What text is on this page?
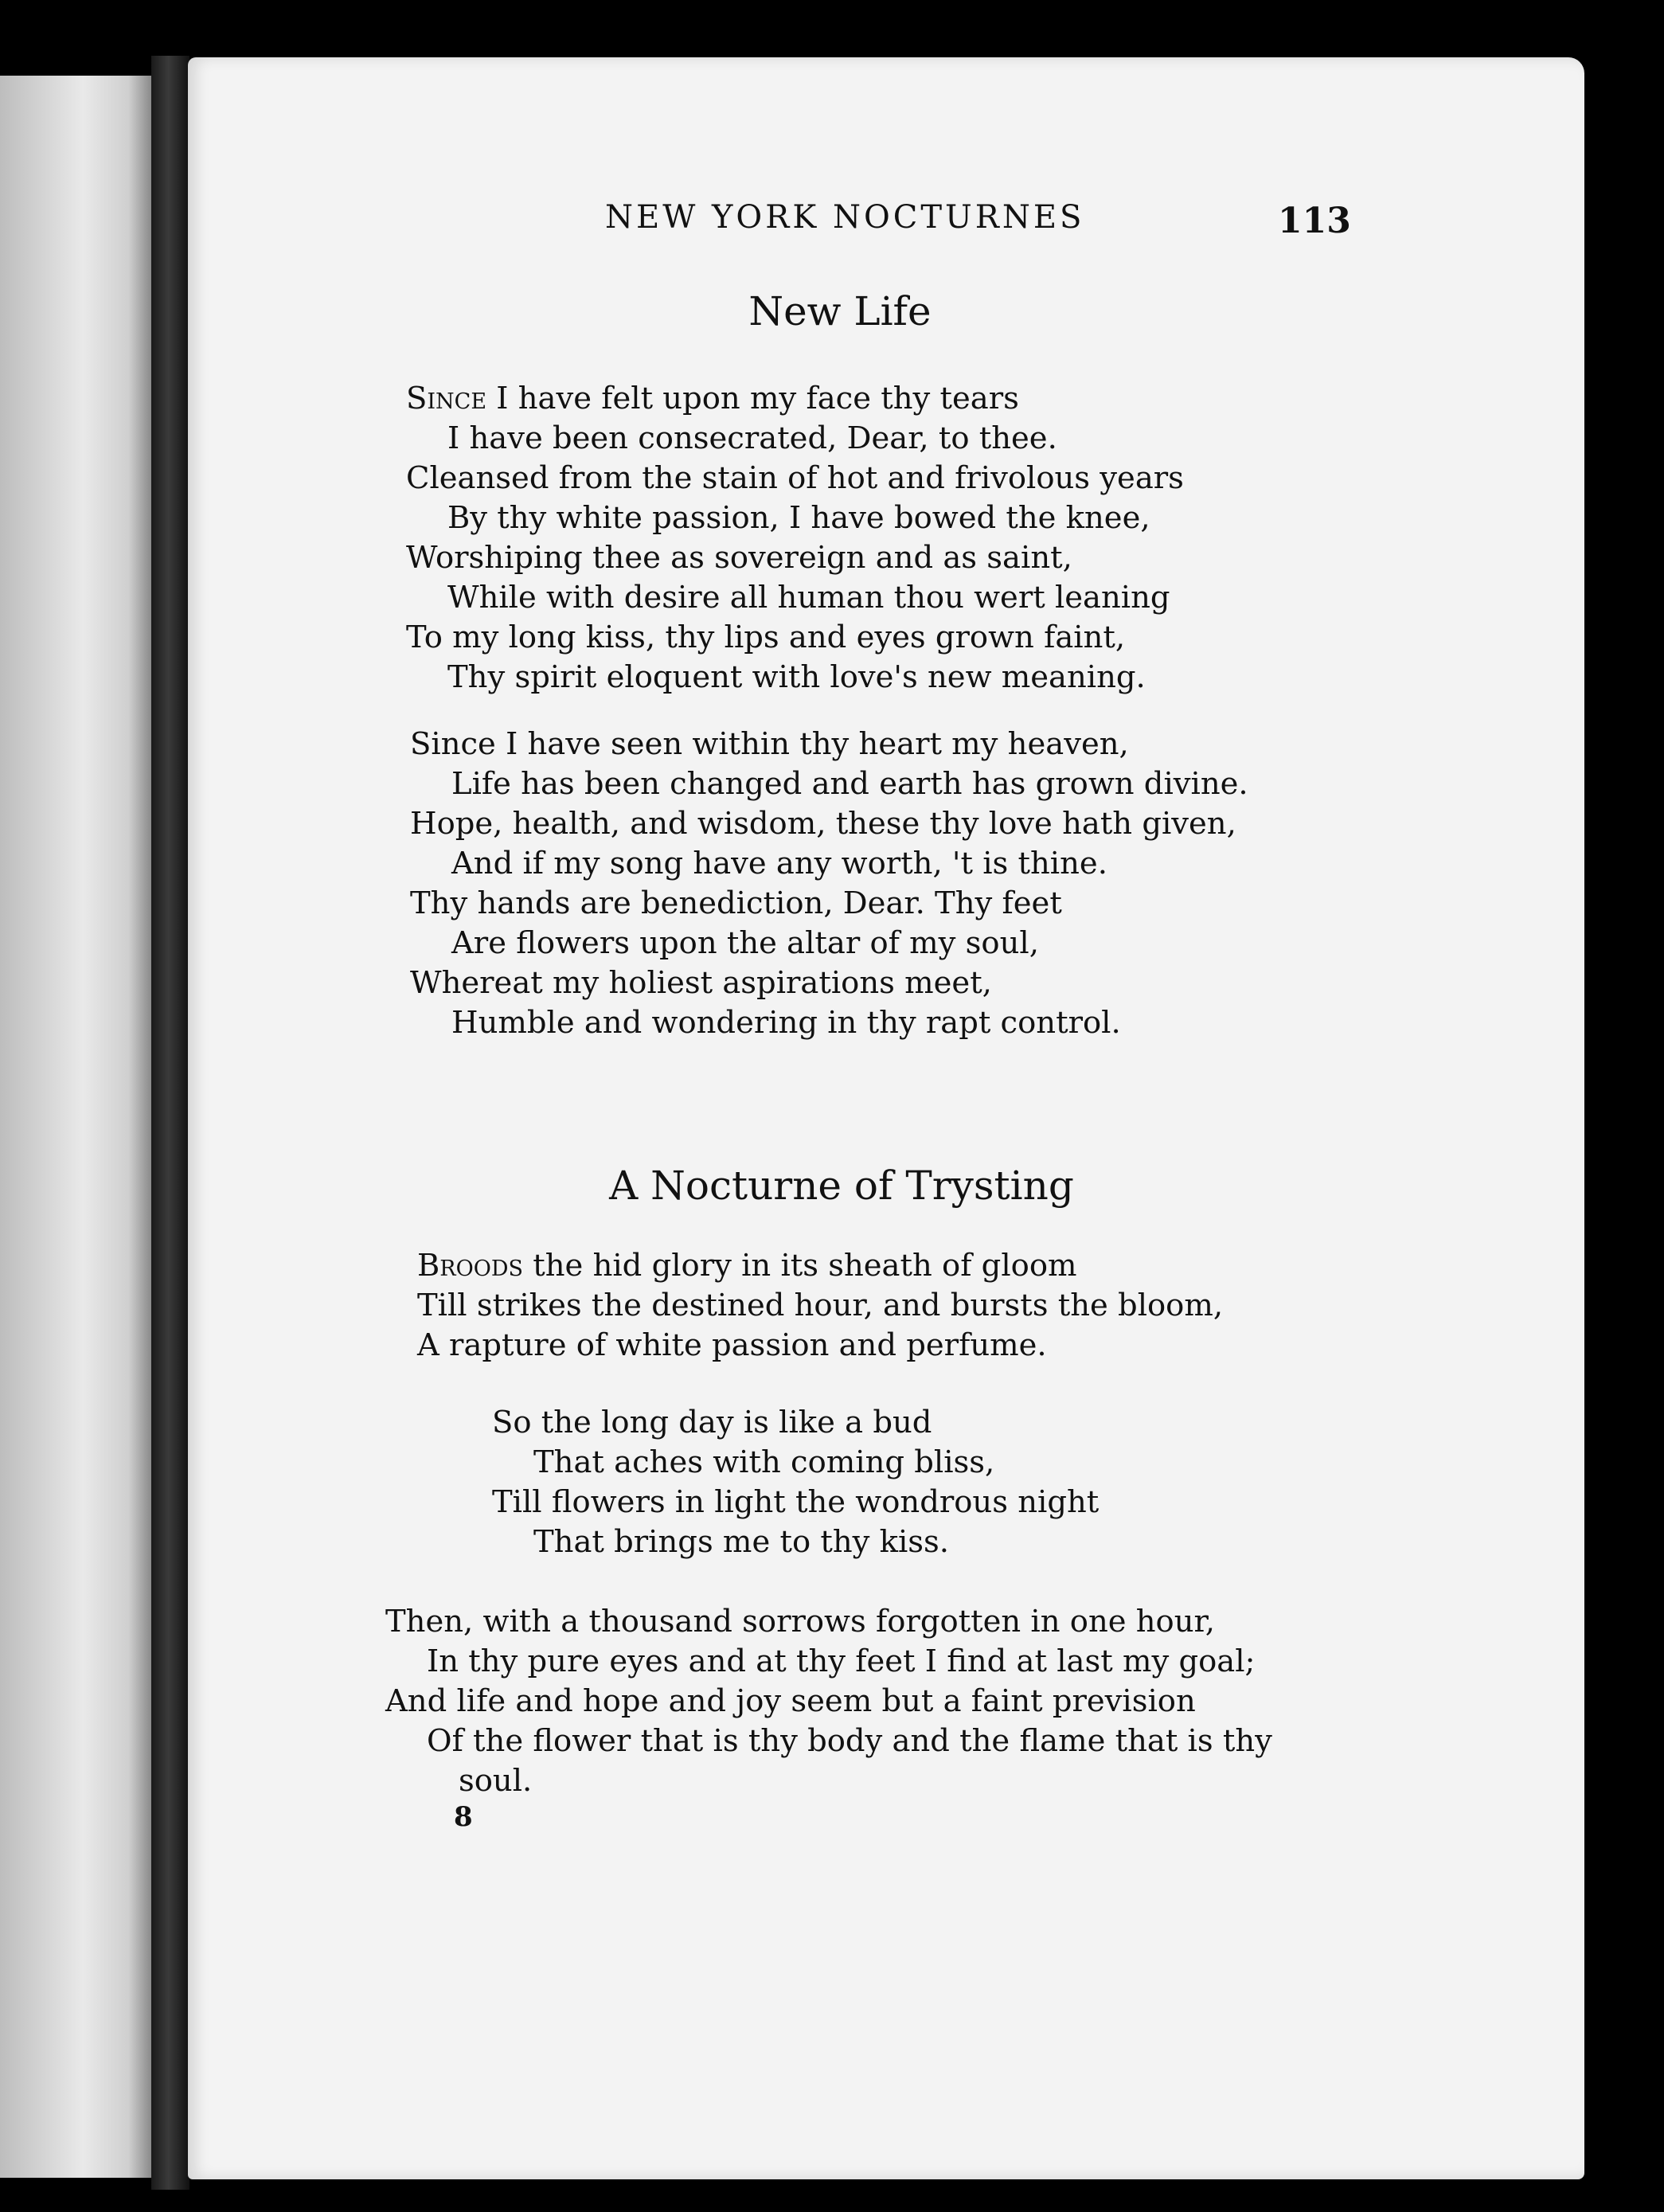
NEW YORK NOCTURNES	113
New Life
Since I have felt upon my face thy tears
I have been consecrated, Dear, to thee.
Cleansed from the stain of hot and frivolous years
By thy white passion, I have bowed the knee,
Worshiping thee as sovereign and as saint,
While with desire all human thou wert leaning
To my long kiss, thy lips and eyes grown faint,
Thy spirit eloquent with love's new meaning.
Since I have seen within thy heart my heaven,
Life has been changed and earth has grown divine.
Hope, health, and wisdom, these thy love hath given,
And if my song have any worth, 't is thine.
Thy hands are benediction, Dear. Thy feet
Are flowers upon the altar of my soul,
Whereat my holiest aspirations meet,
Humble and wondering in thy rapt control.
A Nocturne of Trysting
Broods the hid glory in its sheath of gloom
Till strikes the destined hour, and bursts the bloom,
A rapture of white passion and perfume.
So the long day is like a bud
That aches with coming bliss,
Till flowers in light the wondrous night
That brings me to thy kiss.
Then, with a thousand sorrows forgotten in one hour,
In thy pure eyes and at thy feet I find at last my goal;
And life and hope and joy seem but a faint prevision
Of the flower that is thy body and the flame that is thy
soul.
8
